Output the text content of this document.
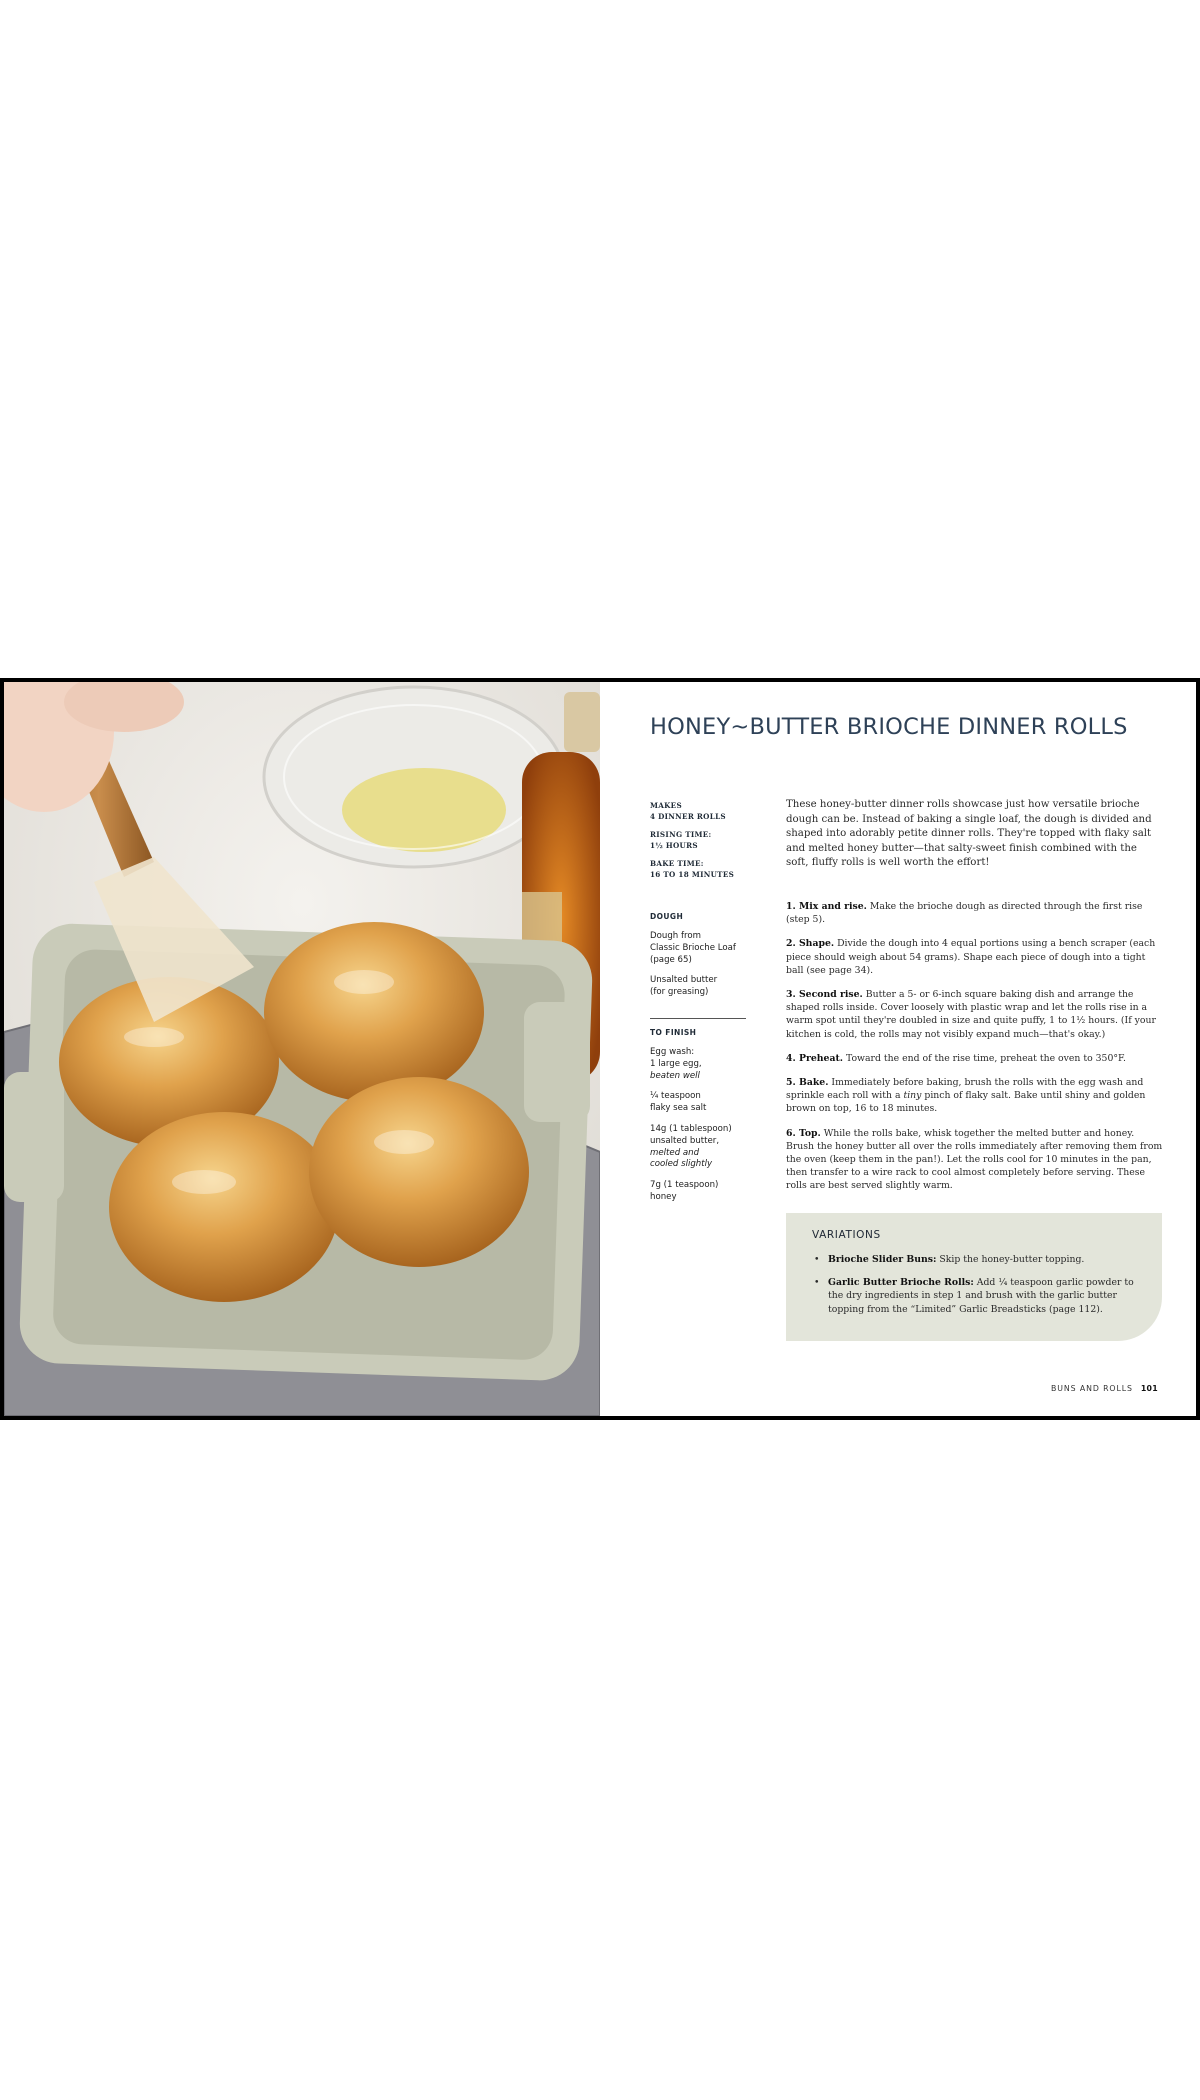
HONEY~BUTTER BRIOCHE DINNER ROLLS
MAKES
4 DINNER ROLLS
RISING TIME:
1½ HOURS
BAKE TIME:
16 TO 18 MINUTES
DOUGH
Dough from
Classic Brioche Loaf
(page 65)
Unsalted butter
(for greasing)
TO FINISH
Egg wash:
1 large egg,
beaten well
¼ teaspoon
flaky sea salt
14g (1 tablespoon)
unsalted butter,
melted and
cooled slightly
7g (1 teaspoon)
honey

These honey-butter dinner rolls showcase just how versatile brioche dough can be. Instead of baking a single loaf, the dough is divided and shaped into adorably petite dinner rolls. They're topped with flaky salt and melted honey butter—that salty-sweet finish combined with the soft, fluffy rolls is well worth the effort!

1. Mix and rise. Make the brioche dough as directed through the first rise (step 5).

2. Shape. Divide the dough into 4 equal portions using a bench scraper (each piece should weigh about 54 grams). Shape each piece of dough into a tight ball (see page 34).

3. Second rise. Butter a 5- or 6-inch square baking dish and arrange the shaped rolls inside. Cover loosely with plastic wrap and let the rolls rise in a warm spot until they're doubled in size and quite puffy, 1 to 1½ hours. (If your kitchen is cold, the rolls may not visibly expand much—that's okay.)

4. Preheat. Toward the end of the rise time, preheat the oven to 350°F.

5. Bake. Immediately before baking, brush the rolls with the egg wash and sprinkle each roll with a tiny pinch of flaky salt. Bake until shiny and golden brown on top, 16 to 18 minutes.

6. Top. While the rolls bake, whisk together the melted butter and honey. Brush the honey butter all over the rolls immediately after removing them from the oven (keep them in the pan!). Let the rolls cool for 10 minutes in the pan, then transfer to a wire rack to cool almost completely before serving. These rolls are best served slightly warm.

VARIATIONS
• Brioche Slider Buns: Skip the honey-butter topping.
• Garlic Butter Brioche Rolls: Add ¼ teaspoon garlic powder to the dry ingredients in step 1 and brush with the garlic butter topping from the “Limited” Garlic Breadsticks (page 112).
BUNS AND ROLLS 101
